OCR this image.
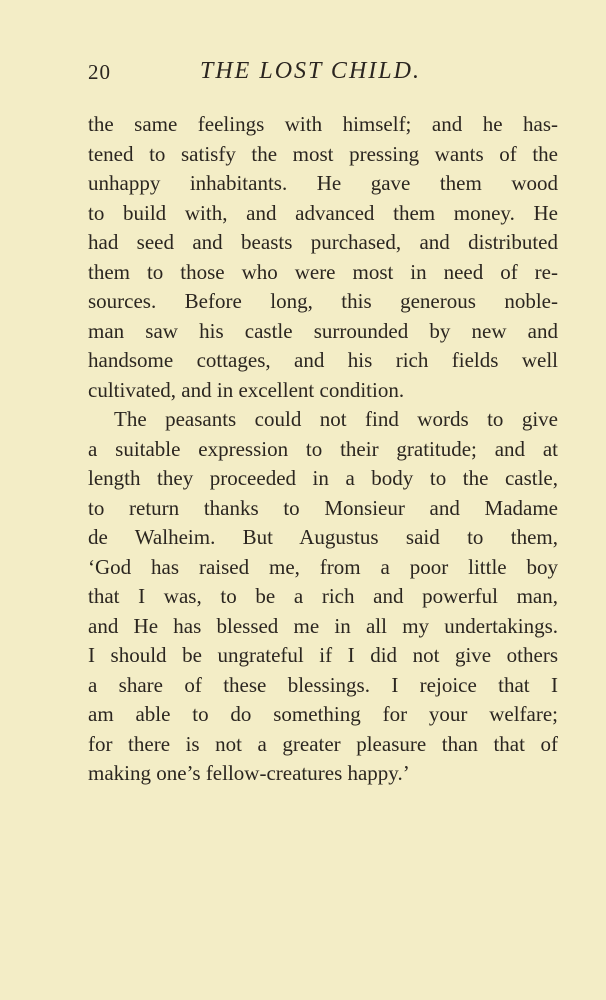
20	THE LOST CHILD.
the same feelings with himself; and he has-
tened to satisfy the most pressing wants of the
unhappy inhabitants. He gave them wood
to build with, and advanced them money. He
had seed and beasts purchased, and distributed
them to those who were most in need of re-
sources. Before long, this generous noble-
man saw his castle surrounded by new and
handsome cottages, and his rich fields well
cultivated, and in excellent condition.
The peasants could not find words to give
a suitable expression to their gratitude; and at
length they proceeded in a body to the castle,
to return thanks to Monsieur and Madame
de Walheim. But Augustus said to them,
‘God has raised me, from a poor little boy
that I was, to be a rich and powerful man,
and He has blessed me in all my undertakings.
I should be ungrateful if I did not give others
a share of these blessings. I rejoice that I
am able to do something for your welfare;
for there is not a greater pleasure than that of
making one’s fellow-creatures happy.’
